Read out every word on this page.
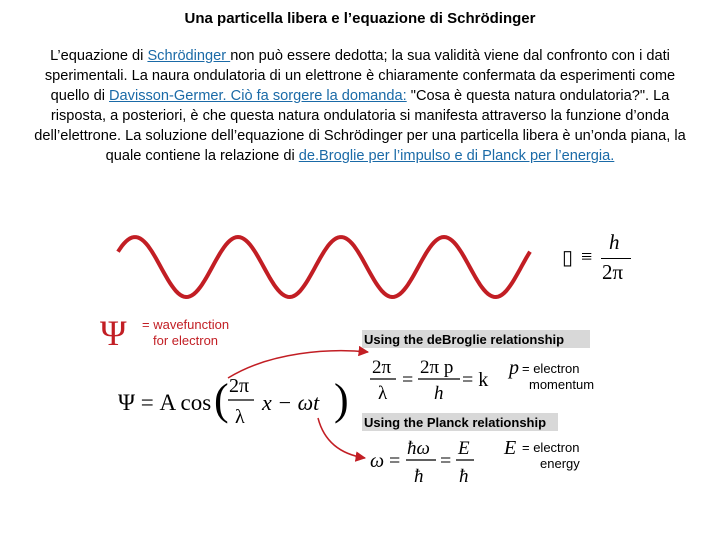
Una particella libera e l’equazione di Schrödinger
L’equazione di Schrödinger non può essere dedotta; la sua validità viene dal confronto con i dati sperimentali. La naura ondulatoria di un elettrone è chiaramente confermata da esperimenti come quello di Davisson-Germer. Ciò fa sorgere la domanda: "Cosa è questa natura ondulatoria?". La risposta, a posteriori, è che questa natura ondulatoria si manifesta attraverso la funzione d’onda dell’elettrone. La soluzione dell’equazione di Schrödinger per una particella libera è un’onda piana, la quale contiene la relazione di de.Broglie per l’impulso e di Planck per l’energia.
▯ ≡
h
2π
Ψ = wavefunction
for electron
Ψ = A cos ( 2π
λ
x − ωt )
Using the deBroglie relationship
2π
λ
=
2π p
h
= k
p = electron
momentum
Using the Planck relationship
ω =
ħω
ħ
=
E
ħ
E = electron
energy
